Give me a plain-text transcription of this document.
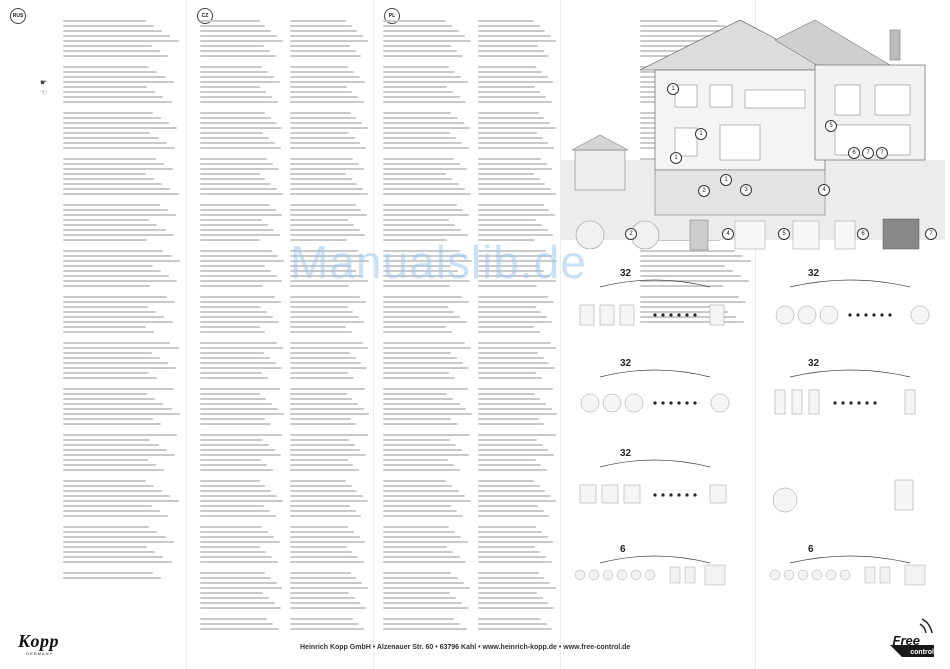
RUS	CZ	PL
☛
☜	1
1
1
1
2
5
6	7	7
3	4
2	4	5	6	7
32	32
32	32
32
6	6
Manualslib.de
Kopp
GERMANY
Heinrich Kopp GmbH • Alzenauer Str. 60 • 63796 Kahl • www.heinrich-kopp.de • www.free-control.de	Free
control
